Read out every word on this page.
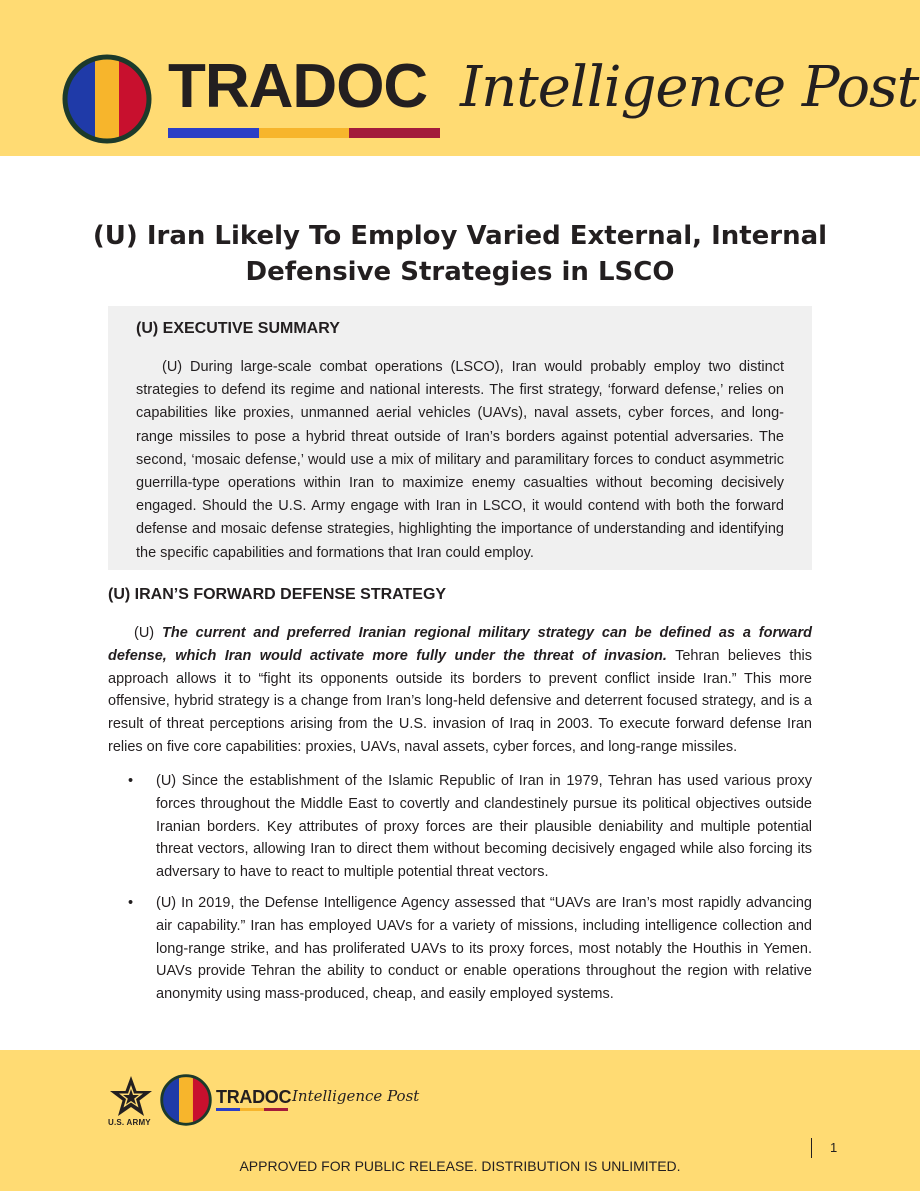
TRADOC Intelligence Post
(U) Iran Likely To Employ Varied External, Internal Defensive Strategies in LSCO
(U) EXECUTIVE SUMMARY
(U) During large-scale combat operations (LSCO), Iran would probably employ two distinct strategies to defend its regime and national interests. The first strategy, ‘forward defense,’ relies on capabilities like proxies, unmanned aerial vehicles (UAVs), naval assets, cyber forces, and long-range missiles to pose a hybrid threat outside of Iran’s borders against potential adversaries. The second, ‘mosaic defense,’ would use a mix of military and paramilitary forces to conduct asymmetric guerrilla-type operations within Iran to maximize enemy casualties without becoming decisively engaged. Should the U.S. Army engage with Iran in LSCO, it would contend with both the forward defense and mosaic defense strategies, highlighting the importance of understanding and identifying the specific capabilities and formations that Iran could employ.
(U) IRAN’S FORWARD DEFENSE STRATEGY

(U) The current and preferred Iranian regional military strategy can be defined as a forward defense, which Iran would activate more fully under the threat of invasion. Tehran believes this approach allows it to “fight its opponents outside its borders to prevent conflict inside Iran.” This more offensive, hybrid strategy is a change from Iran’s long-held defensive and deterrent focused strategy, and is a result of threat perceptions arising from the U.S. invasion of Iraq in 2003. To execute forward defense Iran relies on five core capabilities: proxies, UAVs, naval assets, cyber forces, and long-range missiles.

• (U) Since the establishment of the Islamic Republic of Iran in 1979, Tehran has used various proxy forces throughout the Middle East to covertly and clandestinely pursue its political objectives outside Iranian borders. Key attributes of proxy forces are their plausible deniability and multiple potential threat vectors, allowing Iran to direct them without becoming decisively engaged while also forcing its adversary to have to react to multiple potential threat vectors.
• (U) In 2019, the Defense Intelligence Agency assessed that “UAVs are Iran’s most rapidly advancing air capability.” Iran has employed UAVs for a variety of missions, including intelligence collection and long-range strike, and has proliferated UAVs to its proxy forces, most notably the Houthis in Yemen. UAVs provide Tehran the ability to conduct or enable operations throughout the region with relative anonymity using mass-produced, cheap, and easily employed systems.
U.S. ARMY
TRADOC Intelligence Post
1
APPROVED FOR PUBLIC RELEASE. DISTRIBUTION IS UNLIMITED.
